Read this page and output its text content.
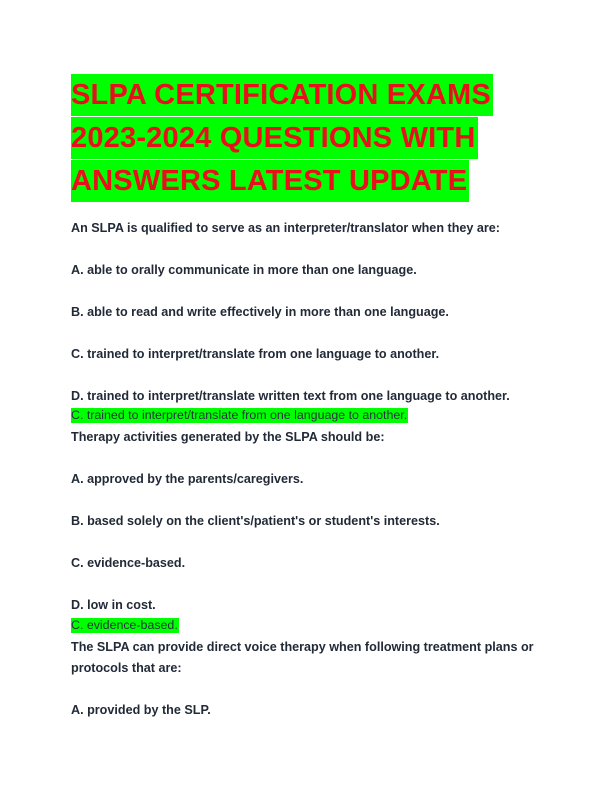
SLPA CERTIFICATION EXAMS
2023-2024 QUESTIONS WITH
ANSWERS LATEST UPDATE

An SLPA is qualified to serve as an interpreter/translator when they are:

A. able to orally communicate in more than one language.

B. able to read and write effectively in more than one language.

C. trained to interpret/translate from one language to another.

D. trained to interpret/translate written text from one language to another.

C. trained to interpret/translate from one language to another.

Therapy activities generated by the SLPA should be:

A. approved by the parents/caregivers.

B. based solely on the client's/patient's or student's interests.

C. evidence-based.

D. low in cost.

C. evidence-based.

The SLPA can provide direct voice therapy when following treatment plans or

protocols that are:

A. provided by the SLP.
